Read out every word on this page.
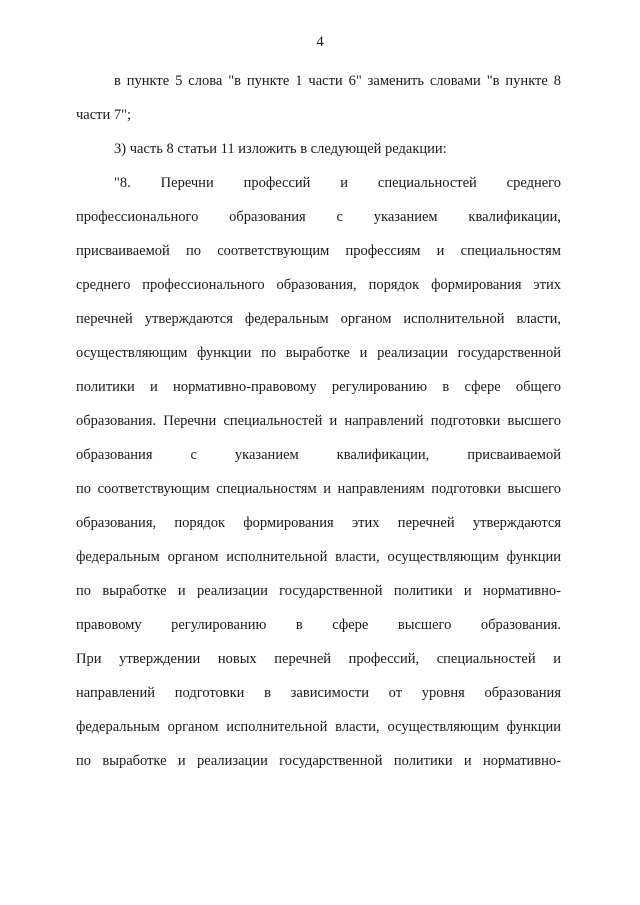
4
в пункте 5 слова "в пункте 1 части 6" заменить словами "в пункте 8
части 7";
3) часть 8 статьи 11 изложить в следующей редакции:
"8. Перечни профессий и специальностей среднего
профессионального образования с указанием квалификации,
присваиваемой по соответствующим профессиям и специальностям
среднего профессионального образования, порядок формирования этих
перечней утверждаются федеральным органом исполнительной власти,
осуществляющим функции по выработке и реализации государственной
политики и нормативно-правовому регулированию в сфере общего
образования. Перечни специальностей и направлений подготовки высшего
образования с указанием квалификации, присваиваемой
по соответствующим специальностям и направлениям подготовки высшего
образования, порядок формирования этих перечней утверждаются
федеральным органом исполнительной власти, осуществляющим функции
по выработке и реализации государственной политики и нормативно-
правовому регулированию в сфере высшего образования.
При утверждении новых перечней профессий, специальностей и
направлений подготовки в зависимости от уровня образования
федеральным органом исполнительной власти, осуществляющим функции
по выработке и реализации государственной политики и нормативно-
